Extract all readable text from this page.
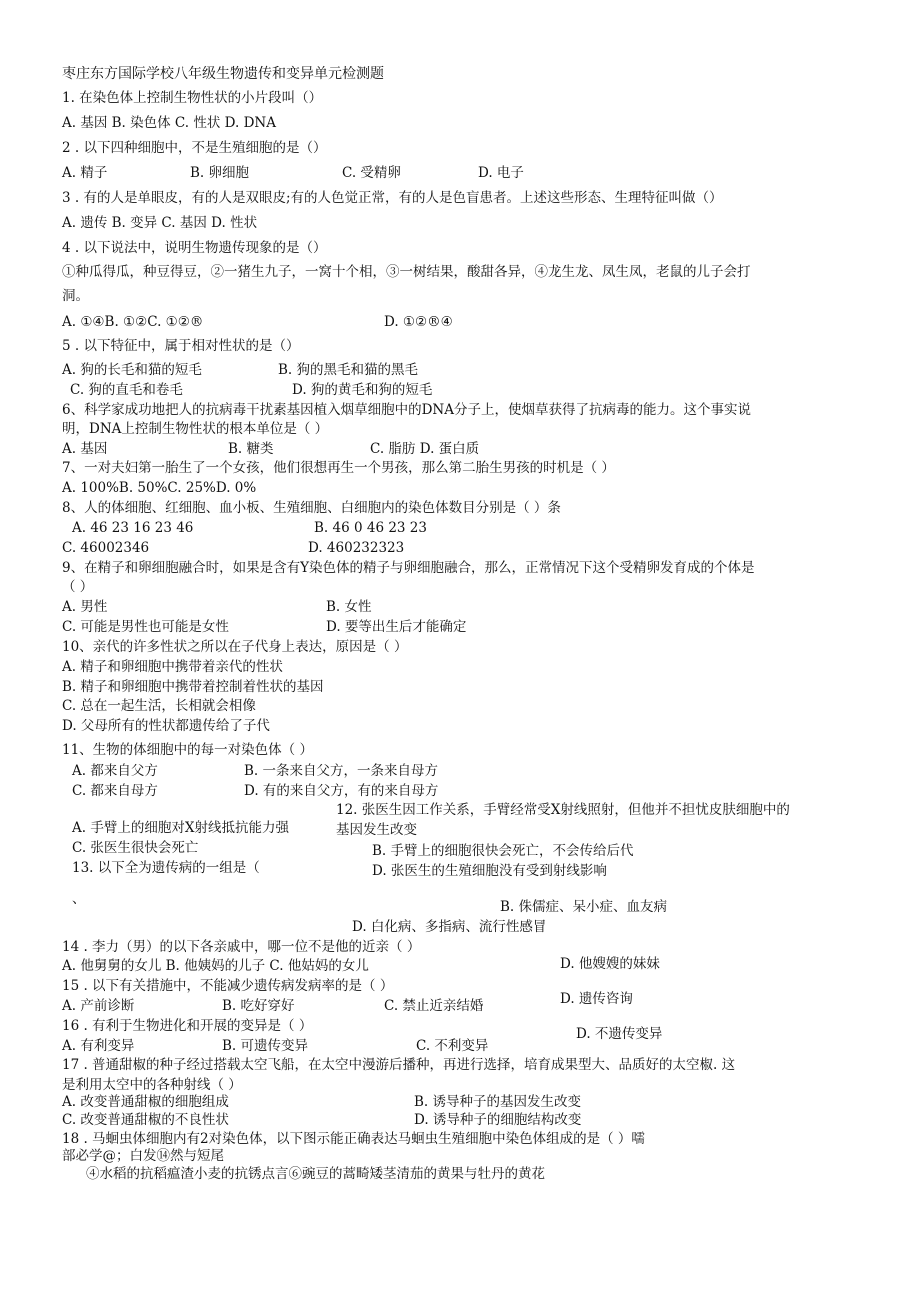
枣庄东方国际学校八年级生物遗传和变异单元检测题
1. 在染色体上控制生物性状的小片段叫（）
A. 基因 B. 染色体 C. 性状 D. DNA
2 . 以下四种细胞中，不是生殖细胞的是（）
A. 精子	B. 卵细胞	C. 受精卵	D. 电子
3 . 有的人是单眼皮，有的人是双眼皮;有的人色觉正常，有的人是色盲患者。上述这些形态、生理特征叫做（）
A. 遗传 B. 变异 C. 基因 D. 性状
4 . 以下说法中，说明生物遗传现象的是（）
①种瓜得瓜，种豆得豆，②一猪生九子，一窝十个相，③一树结果，酸甜各异，④龙生龙、凤生凤，老鼠的儿子会打
洞。
A. ①④B. ①②C. ①②®	D. ①②®④
5 . 以下特征中，属于相对性状的是（）
A. 狗的长毛和猫的短毛	B. 狗的黑毛和猫的黑毛
C. 狗的直毛和卷毛	D. 狗的黄毛和狗的短毛
6、科学家成功地把人的抗病毒干扰素基因植入烟草细胞中的DNA分子上，使烟草获得了抗病毒的能力。这个事实说
明，DNA上控制生物性状的根本单位是（ ）
A. 基因	B. 糖类	C. 脂肪 D. 蛋白质
7、一对夫妇第一胎生了一个女孩，他们很想再生一个男孩，那么第二胎生男孩的时机是（ ）
A. 100%B. 50%C. 25%D. 0%
8、人的体细胞、红细胞、血小板、生殖细胞、白细胞内的染色体数目分别是（ ）条
A. 46 23 16 23 46	B. 46 0 46 23 23
C. 46002346	D. 460232323
9、在精子和卵细胞融合时，如果是含有Y染色体的精子与卵细胞融合，那么，正常情况下这个受精卵发育成的个体是
（ ）
A. 男性	B. 女性
C. 可能是男性也可能是女性	D. 要等出生后才能确定
10、亲代的许多性状之所以在子代身上表达，原因是（ ）
A. 精子和卵细胞中携带着亲代的性状
B. 精子和卵细胞中携带着控制着性状的基因
C. 总在一起生活，长相就会相像
D. 父母所有的性状都遗传给了子代
11、生物的体细胞中的每一对染色体（ ）
A. 都来自父方	B. 一条来自父方，一条来自母方
C. 都来自母方	D. 有的来自父方，有的来自母方
12. 张医生因工作关系，手臂经常受X射线照射，但他并不担忧皮肤细胞中的
基因发生改变
A. 手臂上的细胞对X射线抵抗能力强
C. 张医生很快会死亡	B. 手臂上的细胞很快会死亡，不会传给后代
13. 以下全为遗传病的一组是（	D. 张医生的生殖细胞没有受到射线影响
、	B. 侏儒症、呆小症、血友病
D. 白化病、多指病、流行性感冒
14 . 李力（男）的以下各亲戚中，哪一位不是他的近亲（ ）
A. 他舅舅的女儿 B. 他姨妈的儿子 C. 他姑妈的女儿	D. 他嫂嫂的妹妹
15 . 以下有关措施中，不能减少遗传病发病率的是（ ）
A. 产前诊断	B. 吃好穿好	C. 禁止近亲结婚	D. 遗传咨询
16 . 有利于生物进化和开展的变异是（ ）	D. 不遗传变异
A. 有利变异	B. 可遗传变异	C. 不利变异
17 . 普通甜椒的种子经过搭载太空飞船，在太空中漫游后播种，再进行选择，培育成果型大、品质好的太空椒. 这
是利用太空中的各种射线（ ）
A. 改变普通甜椒的细胞组成	B. 诱导种子的基因发生改变
C. 改变普通甜椒的不良性状	D. 诱导种子的细胞结构改变
18 . 马蛔虫体细胞内有2对染色体，以下图示能正确表达马蛔虫生殖细胞中染色体组成的是（ ）嚅
部必学@；白发⑭然与短尾
④水稻的抗稻瘟渣小麦的抗锈点言⑥豌豆的蒿畸矮茎清茄的黄果与牡丹的黄花
